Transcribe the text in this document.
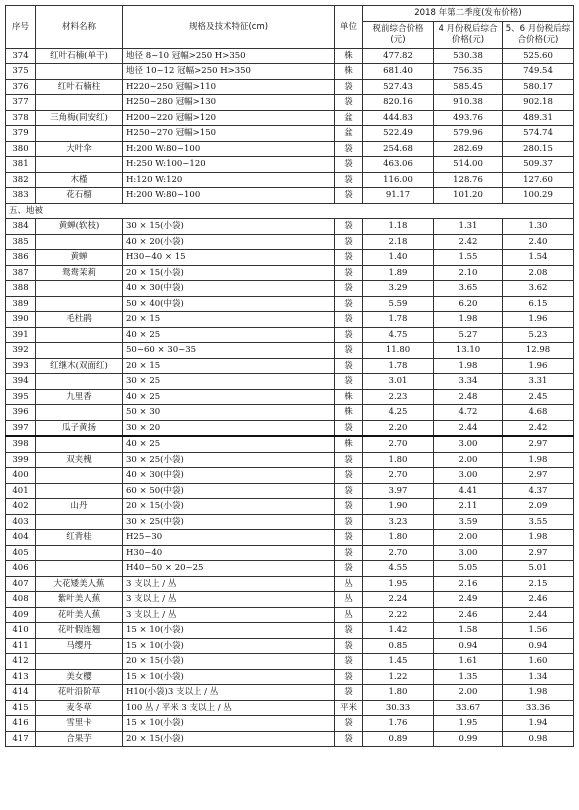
序号	材料名称	规格及技术特征(cm)	单位	2018 年第二季度(发布价格)		
				税前综合价格(元)	4 月份税后综合价格(元)	5、6 月份税后综合价格(元)
374	红叶石楠(单干)	地径 8~10 冠幅>250 H>350	株	477.82	530.38	525.60
375		地径 10~12 冠幅>250 H>350	株	681.40	756.35	749.54
376	红叶石楠柱	H220~250 冠幅>110	袋	527.43	585.45	580.17
377		H250~280 冠幅>130	袋	820.16	910.38	902.18
378	三角梅(同安红)	H200~220 冠幅>120	盆	444.83	493.76	489.31
379		H250~270 冠幅>150	盆	522.49	579.96	574.74
380	大叶伞	H:200 W:80~100	袋	254.68	282.69	280.15
381		H:250 W:100~120	袋	463.06	514.00	509.37
382	木槿	H:120 W:120	袋	116.00	128.76	127.60
383	花石榴	H:200 W:80~100	袋	91.17	101.20	100.29
五、地被						
384	黄蝉(软枝)	30 × 15(小袋)	袋	1.18	1.31	1.30
385		40 × 20(小袋)	袋	2.18	2.42	2.40
386	黄蝉	H30~40 × 15	袋	1.40	1.55	1.54
387	鸳鸯茉莉	20 × 15(小袋)	袋	1.89	2.10	2.08
388		40 × 30(中袋)	袋	3.29	3.65	3.62
389		50 × 40(中袋)	袋	5.59	6.20	6.15
390	毛杜鹃	20 × 15	袋	1.78	1.98	1.96
391		40 × 25	袋	4.75	5.27	5.23
392		50~60 × 30~35	袋	11.80	13.10	12.98
393	红继木(双面红)	20 × 15	袋	1.78	1.98	1.96
394		30 × 25	袋	3.01	3.34	3.31
395	九里香	40 × 25	株	2.23	2.48	2.45
396		50 × 30	株	4.25	4.72	4.68
397	瓜子黄扬	30 × 20	袋	2.20	2.44	2.42
398		40 × 25	株	2.70	3.00	2.97
399	双夹槐	30 × 25(小袋)	袋	1.80	2.00	1.98
400		40 × 30(中袋)	袋	2.70	3.00	2.97
401		60 × 50(中袋)	袋	3.97	4.41	4.37
402	山丹	20 × 15(小袋)	袋	1.90	2.11	2.09
403		30 × 25(中袋)	袋	3.23	3.59	3.55
404	红背桂	H25~30	袋	1.80	2.00	1.98
405		H30~40	袋	2.70	3.00	2.97
406		H40~50 × 20~25	袋	4.55	5.05	5.01
407	大花矮美人蕉	3 支以上 / 丛	丛	1.95	2.16	2.15
408	紫叶美人蕉	3 支以上 / 丛	丛	2.24	2.49	2.46
409	花叶美人蕉	3 支以上 / 丛	丛	2.22	2.46	2.44
410	花叶假连翘	15 × 10(小袋)	袋	1.42	1.58	1.56
411	马缨丹	15 × 10(小袋)	袋	0.85	0.94	0.94
412		20 × 15(小袋)	袋	1.45	1.61	1.60
413	美女樱	15 × 10(小袋)	袋	1.22	1.35	1.34
414	花叶沿阶草	H10(小袋)3 支以上 / 丛	袋	1.80	2.00	1.98
415	麦冬草	100 丛 / 平米 3 支以上 / 丛	平米	30.33	33.67	33.36
416	雪里卡	15 × 10(小袋)	袋	1.76	1.95	1.94
417	合果芋	20 × 15(小袋)	袋	0.89	0.99	0.98
